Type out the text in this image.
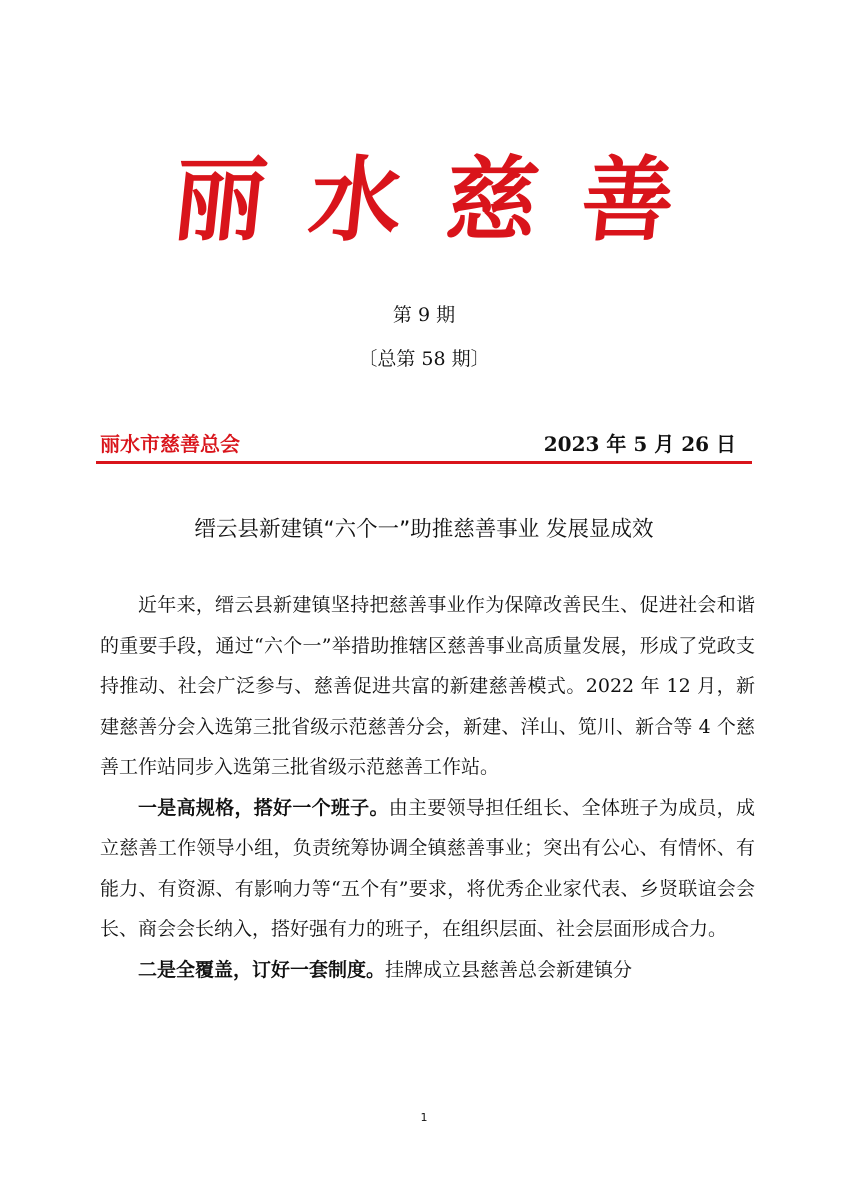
丽水慈善
第 9 期
〔总第 58 期〕
丽水市慈善总会	2023 年 5 月 26 日
缙云县新建镇“六个一”助推慈善事业 发展显成效

近年来，缙云县新建镇坚持把慈善事业作为保障改善民生、促进社会和谐的重要手段，通过“六个一”举措助推辖区慈善事业高质量发展，形成了党政支持推动、社会广泛参与、慈善促进共富的新建慈善模式。2022 年 12 月，新建慈善分会入选第三批省级示范慈善分会，新建、洋山、笕川、新合等 4 个慈善工作站同步入选第三批省级示范慈善工作站。

一是高规格，搭好一个班子。由主要领导担任组长、全体班子为成员，成立慈善工作领导小组，负责统筹协调全镇慈善事业；突出有公心、有情怀、有能力、有资源、有影响力等“五个有”要求，将优秀企业家代表、乡贤联谊会会长、商会会长纳入，搭好强有力的班子，在组织层面、社会层面形成合力。

二是全覆盖，订好一套制度。挂牌成立县慈善总会新建镇分

1
